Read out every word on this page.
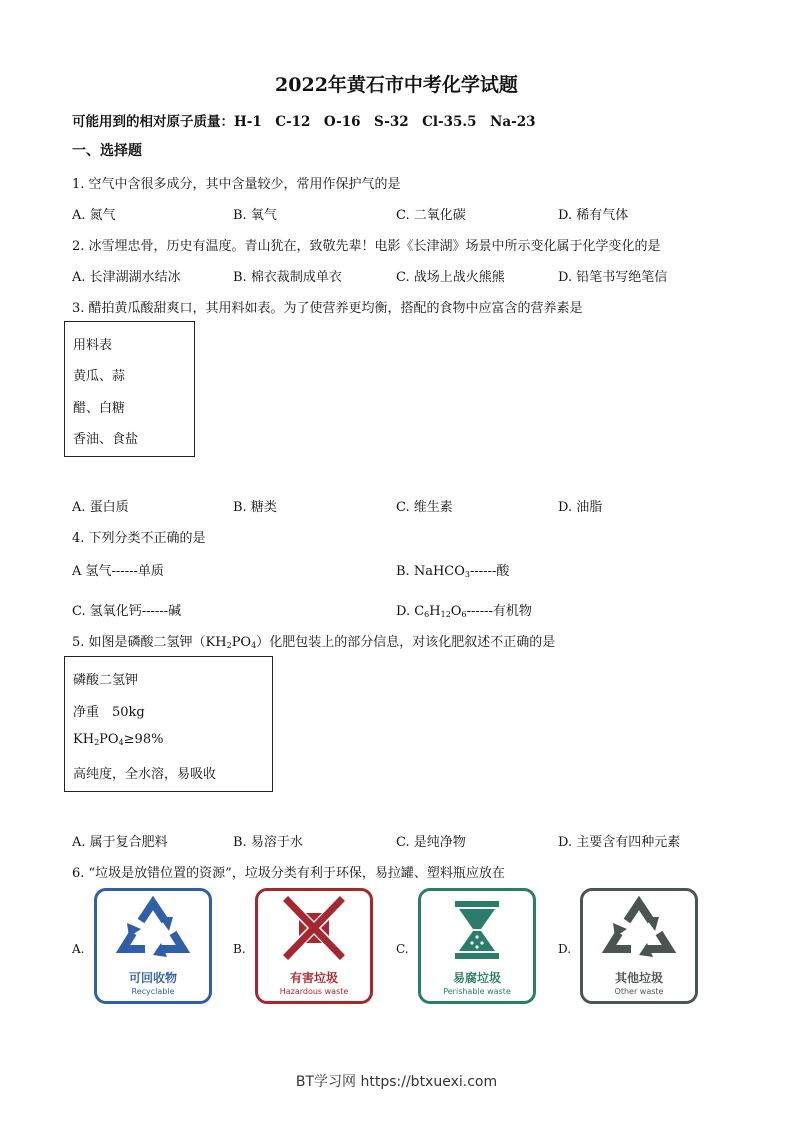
2022年黄石市中考化学试题
可能用到的相对原子质量：H-1　C-12　O-16　S-32　Cl-35.5　Na-23
一、选择题
1. 空气中含很多成分，其中含量较少，常用作保护气的是
A. 氮气	B. 氧气	C. 二氧化碳	D. 稀有气体
2. 冰雪埋忠骨，历史有温度。青山犹在，致敬先辈！电影《长津湖》场景中所示变化属于化学变化的是
A. 长津湖湖水结冰	B. 棉衣裁制成单衣	C. 战场上战火熊熊	D. 铅笔书写绝笔信
3. 醋拍黄瓜酸甜爽口，其用料如表。为了使营养更均衡，搭配的食物中应富含的营养素是
用料表
黄瓜、蒜
醋、白糖
香油、食盐
A. 蛋白质	B. 糖类	C. 维生素	D. 油脂
4. 下列分类不正确的是
A 氢气------单质	B. NaHCO$_3$------酸
C. 氢氧化钙------碱	D. $C_6H_{12}O_6------$有机物
5. 如图是磷酸二氢钾$(KH_2PO_4)$化肥包装上的部分信息，对该化肥叙述不正确的是
磷酸二氢钾
净重　50kg
$KH_2PO_4\ge 98\%$
高纯度，全水溶，易吸收
A. 属于复合肥料	B. 易溶于水	C. 是纯净物	D. 主要含有四种元素
6. “垃圾是放错位置的资源”，垃圾分类有利于环保，易拉罐、塑料瓶应放在
A.
可回收物
Recyclable
B.
有害垃圾
Hazardous waste
C.
易腐垃圾
Perishable waste
D.
其他垃圾
Other waste
BT学习网 https://btxuexi.com
